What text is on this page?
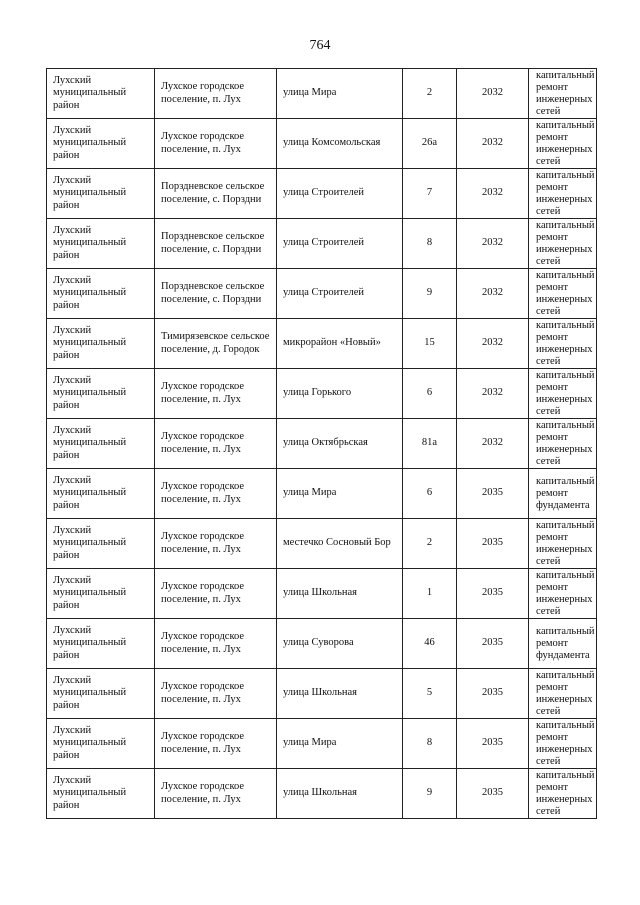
764
Лухский муниципальный район	Лухское городское поселение, п. Лух	улица Мира	2	2032	капитальный ремонт инженерных сетей
Лухский муниципальный район	Лухское городское поселение, п. Лух	улица Комсомольская	26а	2032	капитальный ремонт инженерных сетей
Лухский муниципальный район	Порздневское сельское поселение, с. Порздни	улица Строителей	7	2032	капитальный ремонт инженерных сетей
Лухский муниципальный район	Порздневское сельское поселение, с. Порздни	улица Строителей	8	2032	капитальный ремонт инженерных сетей
Лухский муниципальный район	Порздневское сельское поселение, с. Порздни	улица Строителей	9	2032	капитальный ремонт инженерных сетей
Лухский муниципальный район	Тимирязевское сельское поселение, д. Городок	микрорайон «Новый»	15	2032	капитальный ремонт инженерных сетей
Лухский муниципальный район	Лухское городское поселение, п. Лух	улица Горького	6	2032	капитальный ремонт инженерных сетей
Лухский муниципальный район	Лухское городское поселение, п. Лух	улица Октябрьская	81а	2032	капитальный ремонт инженерных сетей
Лухский муниципальный район	Лухское городское поселение, п. Лух	улица Мира	6	2035	капитальный ремонт фундамента
Лухский муниципальный район	Лухское городское поселение, п. Лух	местечко Сосновый Бор	2	2035	капитальный ремонт инженерных сетей
Лухский муниципальный район	Лухское городское поселение, п. Лух	улица Школьная	1	2035	капитальный ремонт инженерных сетей
Лухский муниципальный район	Лухское городское поселение, п. Лух	улица Суворова	46	2035	капитальный ремонт фундамента
Лухский муниципальный район	Лухское городское поселение, п. Лух	улица Школьная	5	2035	капитальный ремонт инженерных сетей
Лухский муниципальный район	Лухское городское поселение, п. Лух	улица Мира	8	2035	капитальный ремонт инженерных сетей
Лухский муниципальный район	Лухское городское поселение, п. Лух	улица Школьная	9	2035	капитальный ремонт инженерных сетей
